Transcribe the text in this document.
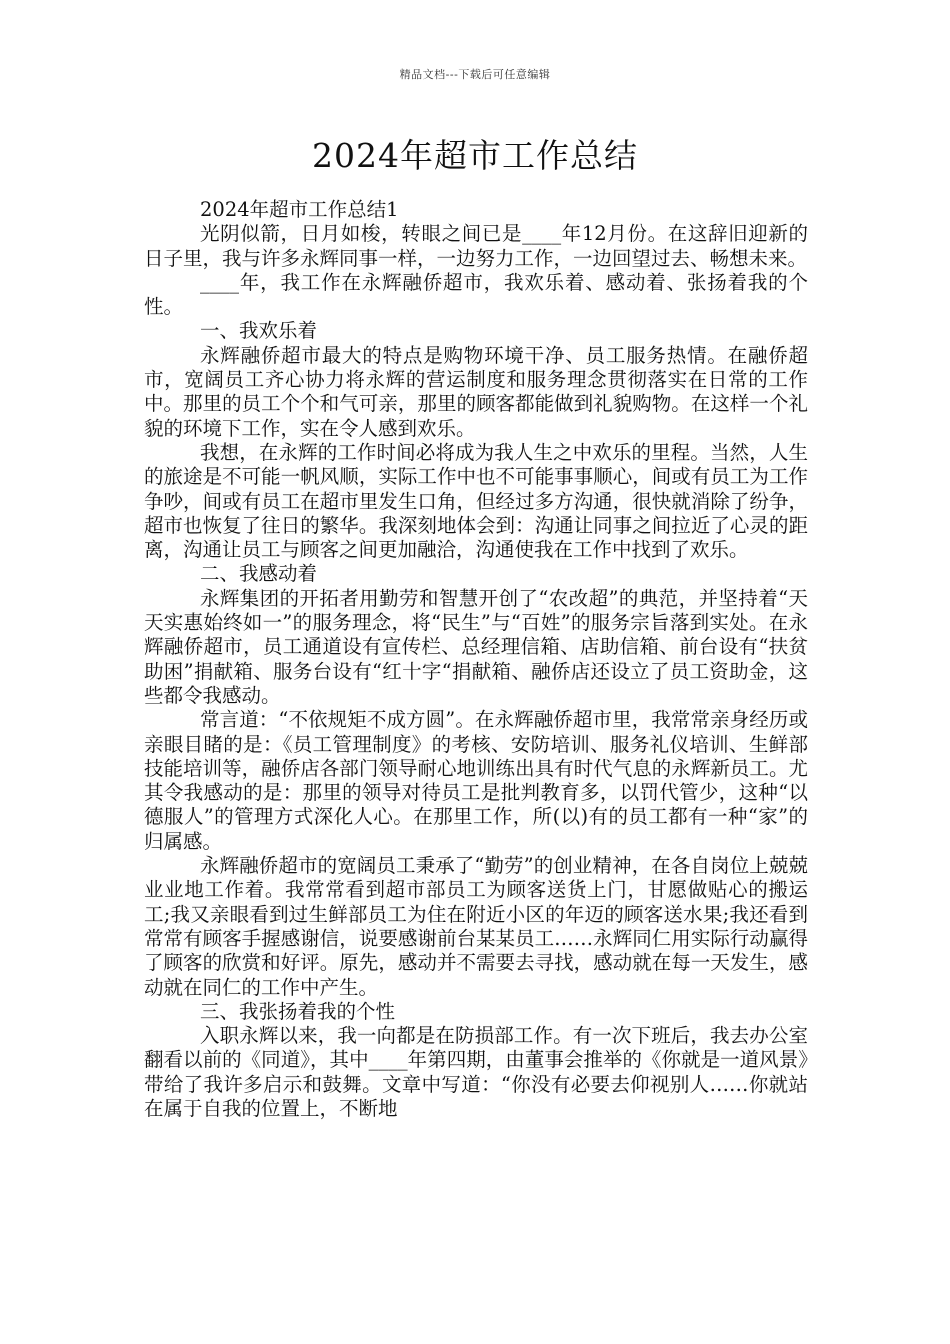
精品文档---下载后可任意编辑
2024年超市工作总结

2024年超市工作总结1

光阴似箭，日月如梭，转眼之间已是____年12月份。在这辞旧迎新的日子里，我与许多永辉同事一样，一边努力工作，一边回望过去、畅想未来。

____年，我工作在永辉融侨超市，我欢乐着、感动着、张扬着我的个性。

一、我欢乐着

永辉融侨超市最大的特点是购物环境干净、员工服务热情。在融侨超市，宽阔员工齐心协力将永辉的营运制度和服务理念贯彻落实在日常的工作中。那里的员工个个和气可亲，那里的顾客都能做到礼貌购物。在这样一个礼貌的环境下工作，实在令人感到欢乐。

我想，在永辉的工作时间必将成为我人生之中欢乐的里程。当然，人生的旅途是不可能一帆风顺，实际工作中也不可能事事顺心，间或有员工为工作争吵，间或有员工在超市里发生口角，但经过多方沟通，很快就消除了纷争，超市也恢复了往日的繁华。我深刻地体会到：沟通让同事之间拉近了心灵的距离，沟通让员工与顾客之间更加融洽，沟通使我在工作中找到了欢乐。

二、我感动着

永辉集团的开拓者用勤劳和智慧开创了“农改超”的典范，并坚持着“天天实惠始终如一”的服务理念，将“民生”与“百姓”的服务宗旨落到实处。在永辉融侨超市，员工通道设有宣传栏、总经理信箱、店助信箱、前台设有“扶贫助困”捐献箱、服务台设有“红十字“捐献箱、融侨店还设立了员工资助金，这些都令我感动。

常言道：“不依规矩不成方圆”。在永辉融侨超市里，我常常亲身经历或亲眼目睹的是：《员工管理制度》的考核、安防培训、服务礼仪培训、生鲜部技能培训等，融侨店各部门领导耐心地训练出具有时代气息的永辉新员工。尤其令我感动的是：那里的领导对待员工是批判教育多，以罚代管少，这种“以德服人”的管理方式深化人心。在那里工作，所(以)有的员工都有一种“家”的归属感。

永辉融侨超市的宽阔员工秉承了“勤劳”的创业精神，在各自岗位上兢兢业业地工作着。我常常看到超市部员工为顾客送货上门，甘愿做贴心的搬运工;我又亲眼看到过生鲜部员工为住在附近小区的年迈的顾客送水果;我还看到常常有顾客手握感谢信，说要感谢前台某某员工……永辉同仁用实际行动赢得了顾客的欣赏和好评。原先，感动并不需要去寻找，感动就在每一天发生，感动就在同仁的工作中产生。

三、我张扬着我的个性

入职永辉以来，我一向都是在防损部工作。有一次下班后，我去办公室翻看以前的《同道》，其中____年第四期，由董事会推举的《你就是一道风景》带给了我许多启示和鼓舞。文章中写道：“你没有必要去仰视别人……你就站在属于自我的位置上，不断地
